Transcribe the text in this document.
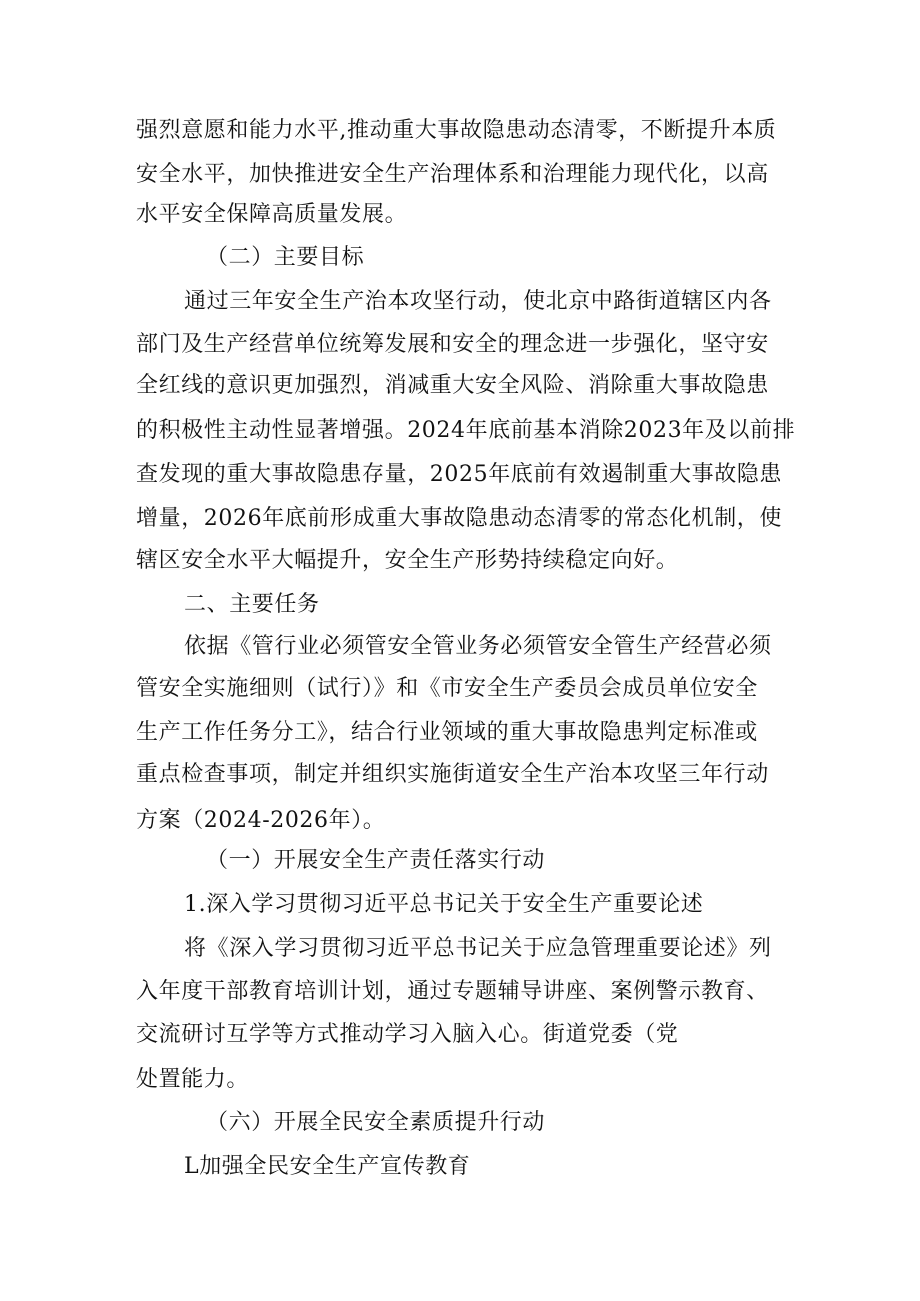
强烈意愿和能力水平,推动重大事故隐患动态清零，不断提升本质
安全水平，加快推进安全生产治理体系和治理能力现代化，以高
水平安全保障高质量发展。
（二）主要目标
通过三年安全生产治本攻坚行动，使北京中路街道辖区内各
部门及生产经营单位统筹发展和安全的理念进一步强化，坚守安
全红线的意识更加强烈，消减重大安全风险、消除重大事故隐患
的积极性主动性显著增强。2024年底前基本消除2023年及以前排
查发现的重大事故隐患存量，2025年底前有效遏制重大事故隐患
增量，2026年底前形成重大事故隐患动态清零的常态化机制，使
辖区安全水平大幅提升，安全生产形势持续稳定向好。
二、主要任务
依据《管行业必须管安全管业务必须管安全管生产经营必须
管安全实施细则（试行）》和《市安全生产委员会成员单位安全
生产工作任务分工》，结合行业领域的重大事故隐患判定标准或
重点检查事项，制定并组织实施街道安全生产治本攻坚三年行动
方案（2024-2026年）。
（一）开展安全生产责任落实行动
1.深入学习贯彻习近平总书记关于安全生产重要论述
将《深入学习贯彻习近平总书记关于应急管理重要论述》列
入年度干部教育培训计划，通过专题辅导讲座、案例警示教育、
交流研讨互学等方式推动学习入脑入心。街道党委（党
处置能力。
（六）开展全民安全素质提升行动
L加强全民安全生产宣传教育
